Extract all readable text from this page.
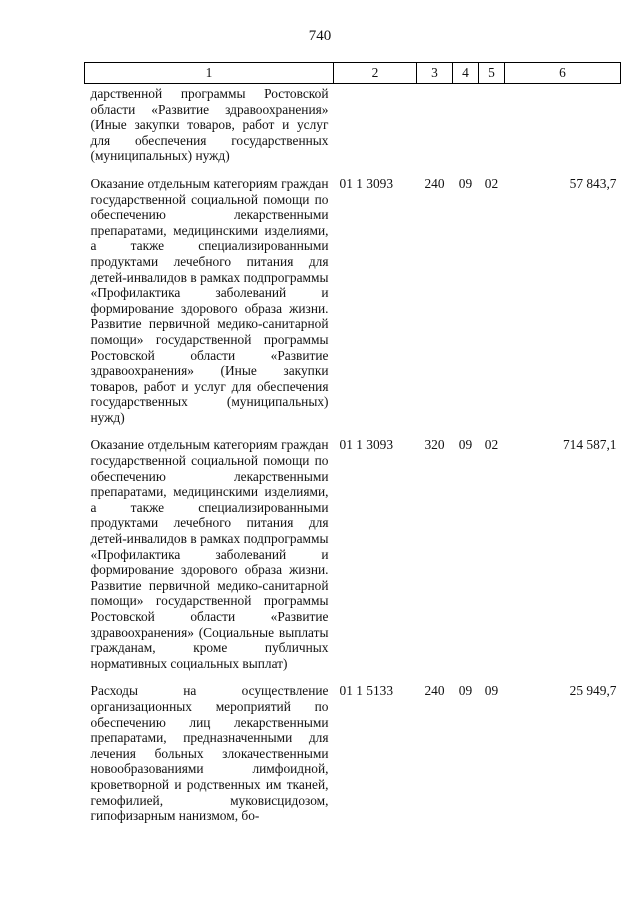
740
1	2	3	4	5	6
дарственной программы Ростовской области «Развитие здравоохранения» (Иные закупки товаров, работ и услуг для обеспечения государственных (муниципальных) нужд)					
Оказание отдельным категориям граждан государственной социальной помощи по обеспечению лекарственными препаратами, медицинскими изделиями, а также специализированными продуктами лечебного питания для детей-инвалидов в рамках подпрограммы «Профилактика заболеваний и формирование здорового образа жизни. Развитие первичной медико-санитарной помощи» государственной программы Ростовской области «Развитие здравоохранения» (Иные закупки товаров, работ и услуг для обеспечения государственных (муниципальных) нужд)	01 1 3093	240	09	02	57 843,7
Оказание отдельным категориям граждан государственной социальной помощи по обеспечению лекарственными препаратами, медицинскими изделиями, а также специализированными продуктами лечебного питания для детей-инвалидов в рамках подпрограммы «Профилактика заболеваний и формирование здорового образа жизни. Развитие первичной медико-санитарной помощи» государственной программы Ростовской области «Развитие здравоохранения» (Социальные выплаты гражданам, кроме публичных нормативных социальных выплат)	01 1 3093	320	09	02	714 587,1
Расходы на осуществление организационных мероприятий по обеспечению лиц лекарственными препаратами, предназначенными для лечения больных злокачественными новообразованиями лимфоидной, кроветворной и родственных им тканей, гемофилией, муковисцидозом, гипофизарным нанизмом, бо-	01 1 5133	240	09	09	25 949,7
